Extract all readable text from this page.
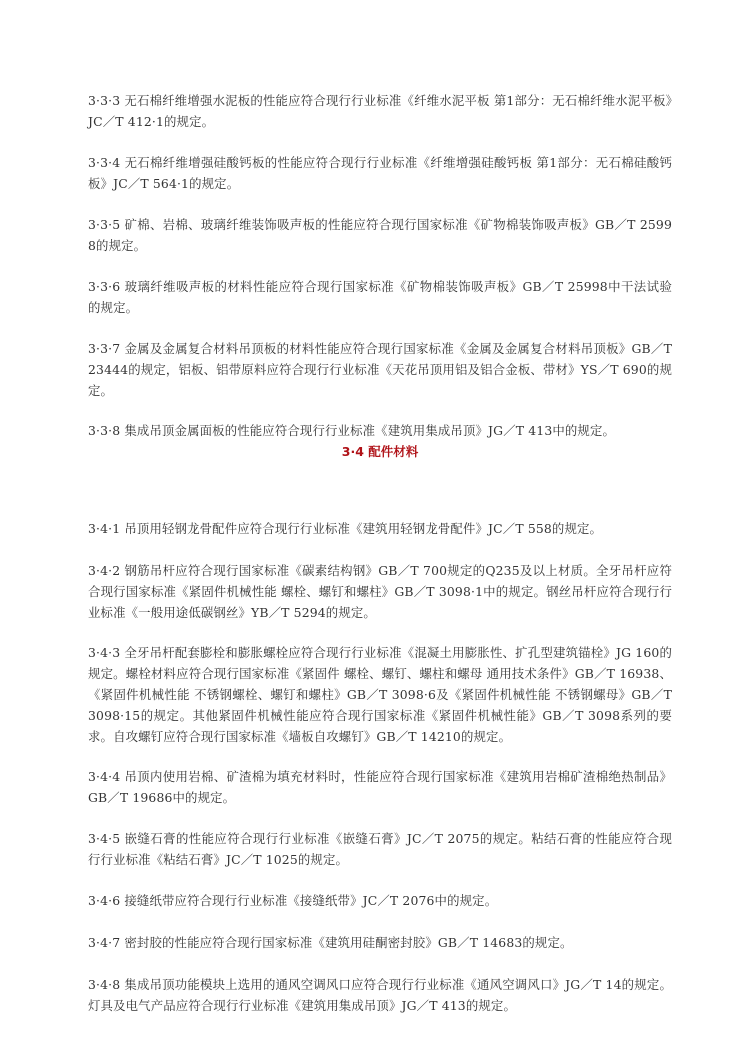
3·3·3 无石棉纤维增强水泥板的性能应符合现行行业标准《纤维水泥平板 第1部分：无石棉纤维水泥平板》JC／T 412·1的规定。

3·3·4 无石棉纤维增强硅酸钙板的性能应符合现行行业标准《纤维增强硅酸钙板 第1部分：无石棉硅酸钙板》JC／T 564·1的规定。

3·3·5 矿棉、岩棉、玻璃纤维装饰吸声板的性能应符合现行国家标准《矿物棉装饰吸声板》GB／T 25998的规定。

3·3·6 玻璃纤维吸声板的材料性能应符合现行国家标准《矿物棉装饰吸声板》GB／T 25998中干法试验的规定。

3·3·7 金属及金属复合材料吊顶板的材料性能应符合现行国家标准《金属及金属复合材料吊顶板》GB／T 23444的规定，铝板、铝带原料应符合现行行业标准《天花吊顶用铝及铝合金板、带材》YS／T 690的规定。

3·3·8 集成吊顶金属面板的性能应符合现行行业标准《建筑用集成吊顶》JG／T 413中的规定。

3·4 配件材料

3·4·1 吊顶用轻钢龙骨配件应符合现行行业标准《建筑用轻钢龙骨配件》JC／T 558的规定。

3·4·2 钢筋吊杆应符合现行国家标准《碳素结构钢》GB／T 700规定的Q235及以上材质。全牙吊杆应符合现行国家标准《紧固件机械性能 螺栓、螺钉和螺柱》GB／T 3098·1中的规定。钢丝吊杆应符合现行行业标准《一般用途低碳钢丝》YB／T 5294的规定。

3·4·3 全牙吊杆配套膨栓和膨胀螺栓应符合现行行业标准《混凝土用膨胀性、扩孔型建筑锚栓》JG 160的规定。螺栓材料应符合现行国家标准《紧固件 螺栓、螺钉、螺柱和螺母 通用技术条件》GB／T 16938、《紧固件机械性能 不锈钢螺栓、螺钉和螺柱》GB／T 3098·6及《紧固件机械性能 不锈钢螺母》GB／T 3098·15的规定。其他紧固件机械性能应符合现行国家标准《紧固件机械性能》GB／T 3098系列的要求。自攻螺钉应符合现行国家标准《墙板自攻螺钉》GB／T 14210的规定。

3·4·4 吊顶内使用岩棉、矿渣棉为填充材料时，性能应符合现行国家标准《建筑用岩棉矿渣棉绝热制品》GB／T 19686中的规定。

3·4·5 嵌缝石膏的性能应符合现行行业标准《嵌缝石膏》JC／T 2075的规定。粘结石膏的性能应符合现行行业标准《粘结石膏》JC／T 1025的规定。

3·4·6 接缝纸带应符合现行行业标准《接缝纸带》JC／T 2076中的规定。

3·4·7 密封胶的性能应符合现行国家标准《建筑用硅酮密封胶》GB／T 14683的规定。

3·4·8 集成吊顶功能模块上选用的通风空调风口应符合现行行业标准《通风空调风口》JG／T 14的规定。灯具及电气产品应符合现行行业标准《建筑用集成吊顶》JG／T 413的规定。
